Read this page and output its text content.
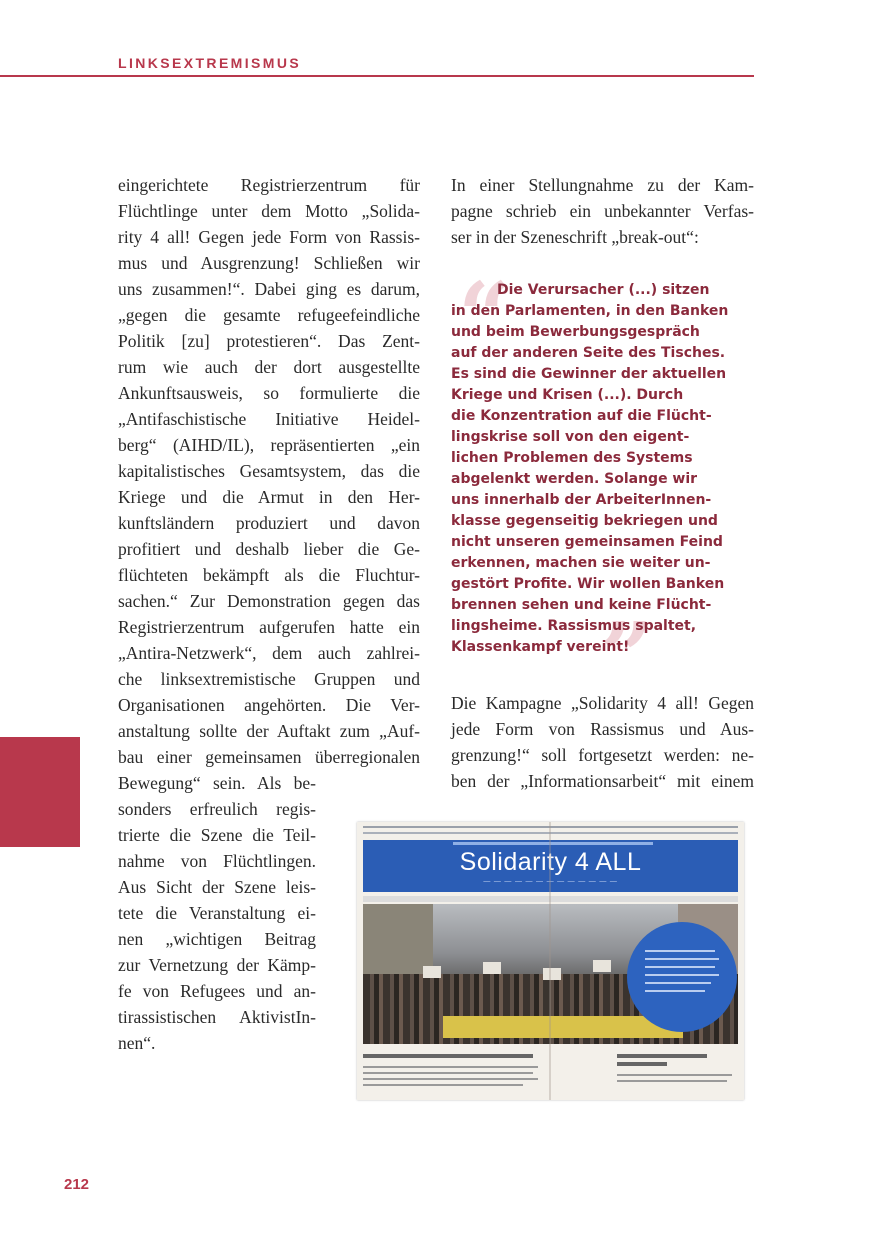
LINKSEXTREMISMUS
eingerichtete Registrierzentrum für
Flüchtlinge unter dem Motto „Solida-
rity 4 all! Gegen jede Form von Rassis-
mus und Ausgrenzung! Schließen wir
uns zusammen!“. Dabei ging es darum,
„gegen die gesamte refugeefeindliche
Politik [zu] protestieren“. Das Zent-
rum wie auch der dort ausgestellte
Ankunftsausweis, so formulierte die
„Antifaschistische Initiative Heidel-
berg“ (AIHD/IL), repräsentierten „ein
kapitalistisches Gesamtsystem, das die
Kriege und die Armut in den Her-
kunftsländern produziert und davon
profitiert und deshalb lieber die Ge-
flüchteten bekämpft als die Fluchtur-
sachen.“ Zur Demonstration gegen das
Registrierzentrum aufgerufen hatte ein
„Antira-Netzwerk“, dem auch zahlrei-
che linksextremistische Gruppen und
Organisationen angehörten. Die Ver-
anstaltung sollte der Auftakt zum „Auf-
bau einer gemeinsamen überregionalen
Bewegung“ sein. Als be-
sonders erfreulich regis-
trierte die Szene die Teil-
nahme von Flüchtlingen.
Aus Sicht der Szene leis-
tete die Veranstaltung ei-
nen „wichtigen Beitrag
zur Vernetzung der Kämp-
fe von Refugees und an-
tirassistischen AktivistIn-
nen“.
In einer Stellungnahme zu der Kam-
pagne schrieb ein unbekannter Verfas-
ser in der Szeneschrift „break-out“:
“
”
Die Verursacher (...) sitzen
in den Parlamenten, in den Banken
und beim Bewerbungsgespräch
auf der anderen Seite des Tisches.
Es sind die Gewinner der aktuellen
Kriege und Krisen (...). Durch
die Konzentration auf die Flücht-
lingskrise soll von den eigent-
lichen Problemen des Systems
abgelenkt werden. Solange wir
uns innerhalb der ArbeiterInnen-
klasse gegenseitig bekriegen und
nicht unseren gemeinsamen Feind
erkennen, machen sie weiter un-
gestört Profite. Wir wollen Banken
brennen sehen und keine Flücht-
lingsheime. Rassismus spaltet,
Klassenkampf vereint!
Die Kampagne „Solidarity 4 all! Gegen
jede Form von Rassismus und Aus-
grenzung!“ soll fortgesetzt werden: ne-
ben der „Informationsarbeit“ mit einem
Solidarity 4 ALL
— — — — — — — — — — — — —
212
